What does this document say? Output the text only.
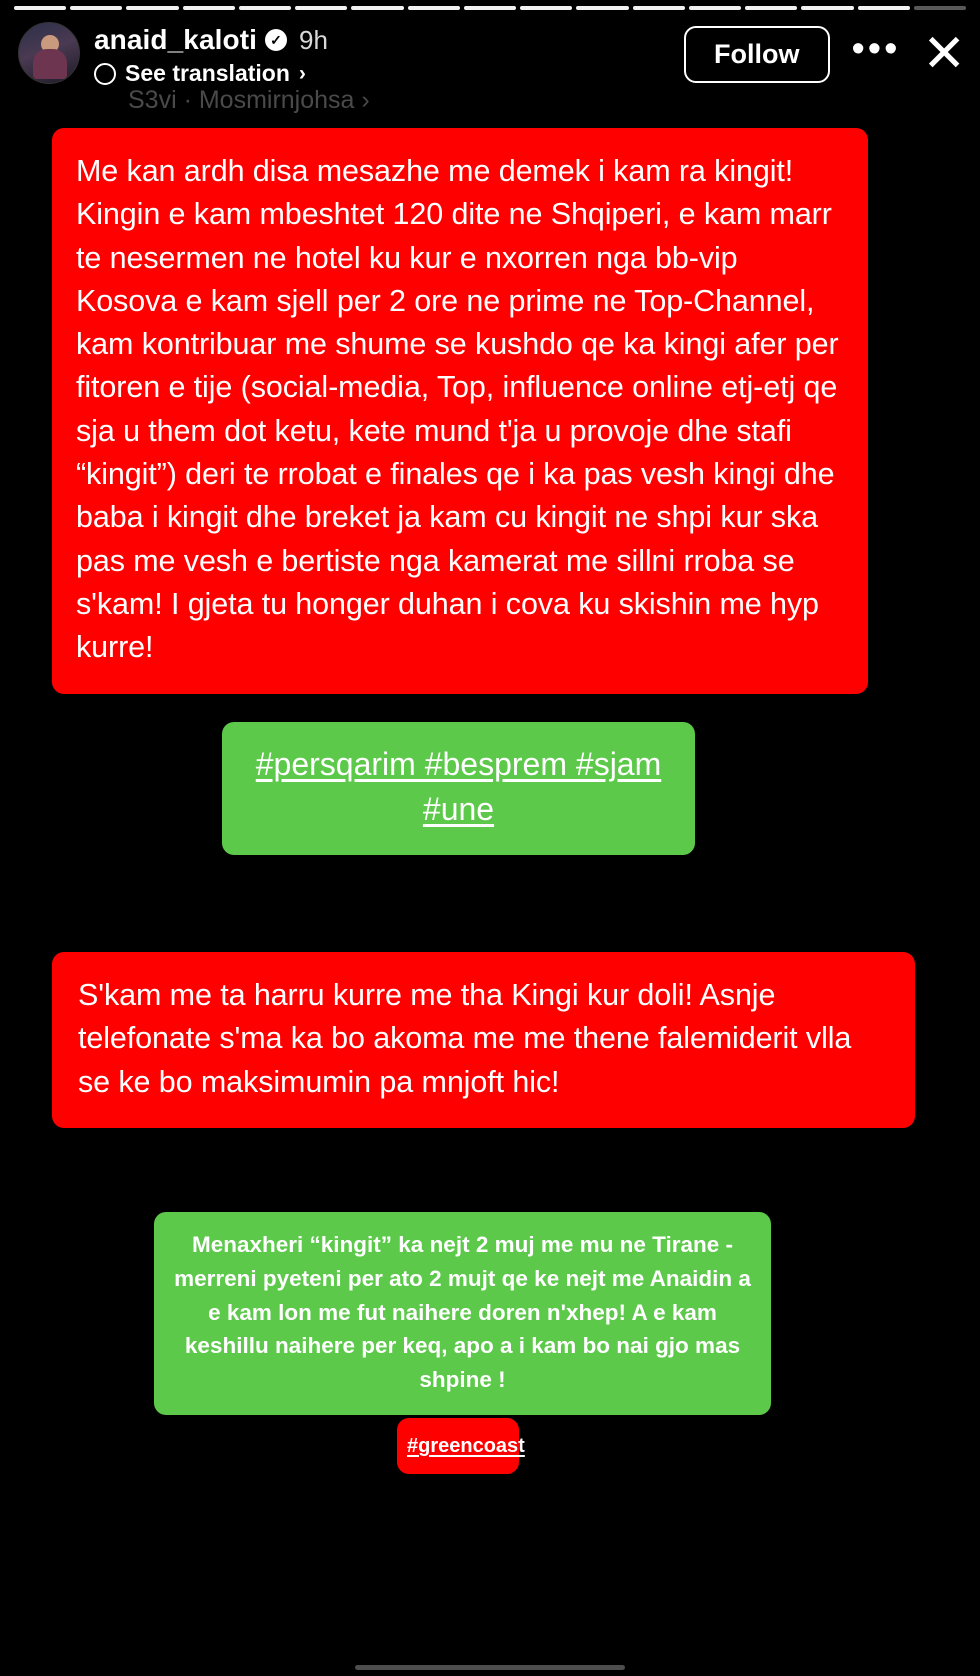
anaid_kaloti ✓ 9h
See translation ›
Follow	••• ✕
S3vi · Mosmirnjohsa ›
Me kan ardh disa mesazhe me demek i kam ra kingit! Kingin e kam mbeshtet 120 dite ne Shqiperi, e kam marr te nesermen ne hotel ku kur e nxorren nga bb-vip Kosova e kam sjell per 2 ore ne prime ne Top-Channel, kam kontribuar me shume se kushdo qe ka kingi afer per fitoren e tije (social-media, Top, influence online etj-etj qe sja u them dot ketu, kete mund t'ja u provoje dhe stafi “kingit”) deri te rrobat e finales qe i ka pas vesh kingi dhe baba i kingit dhe breket ja kam cu kingit ne shpi kur ska pas me vesh e bertiste nga kamerat me sillni rroba se s'kam! I gjeta tu honger duhan i cova ku skishin me hyp kurre!
#persqarim #besprem #sjam #une
S'kam me ta harru kurre me tha Kingi kur doli! Asnje telefonate s'ma ka bo akoma me me thene falemiderit vlla se ke bo maksimumin pa mnjoft hic!
Menaxheri “kingit” ka nejt 2 muj me mu ne Tirane -merreni pyeteni per ato 2 mujt qe ke nejt me Anaidin a e kam lon me fut naihere doren n'xhep! A e kam keshillu naihere per keq, apo a i kam bo nai gjo mas shpine !
#greencoast
